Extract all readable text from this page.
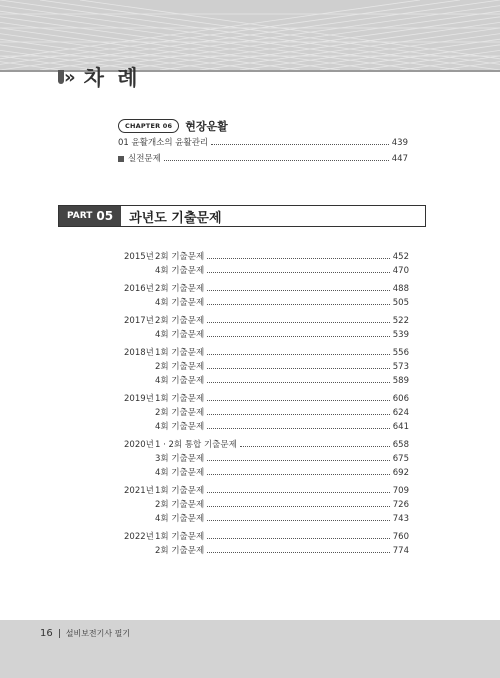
» 차 례
CHAPTER 06	현장운활
01 윤활개소의 윤활관리	439
실전문제	447
PART 05	과년도 기출문제
2015년 2회 기출문제	452
4회 기출문제	470
2016년 2회 기출문제	488
4회 기출문제	505
2017년 2회 기출문제	522
4회 기출문제	539
2018년 1회 기출문제	556
2회 기출문제	573
4회 기출문제	589
2019년 1회 기출문제	606
2회 기출문제	624
4회 기출문제	641
2020년 1 · 2회 통합 기출문제	658
3회 기출문제	675
4회 기출문제	692
2021년 1회 기출문제	709
2회 기출문제	726
4회 기출문제	743
2022년 1회 기출문제	760
2회 기출문제	774
16 설비보전기사 필기
